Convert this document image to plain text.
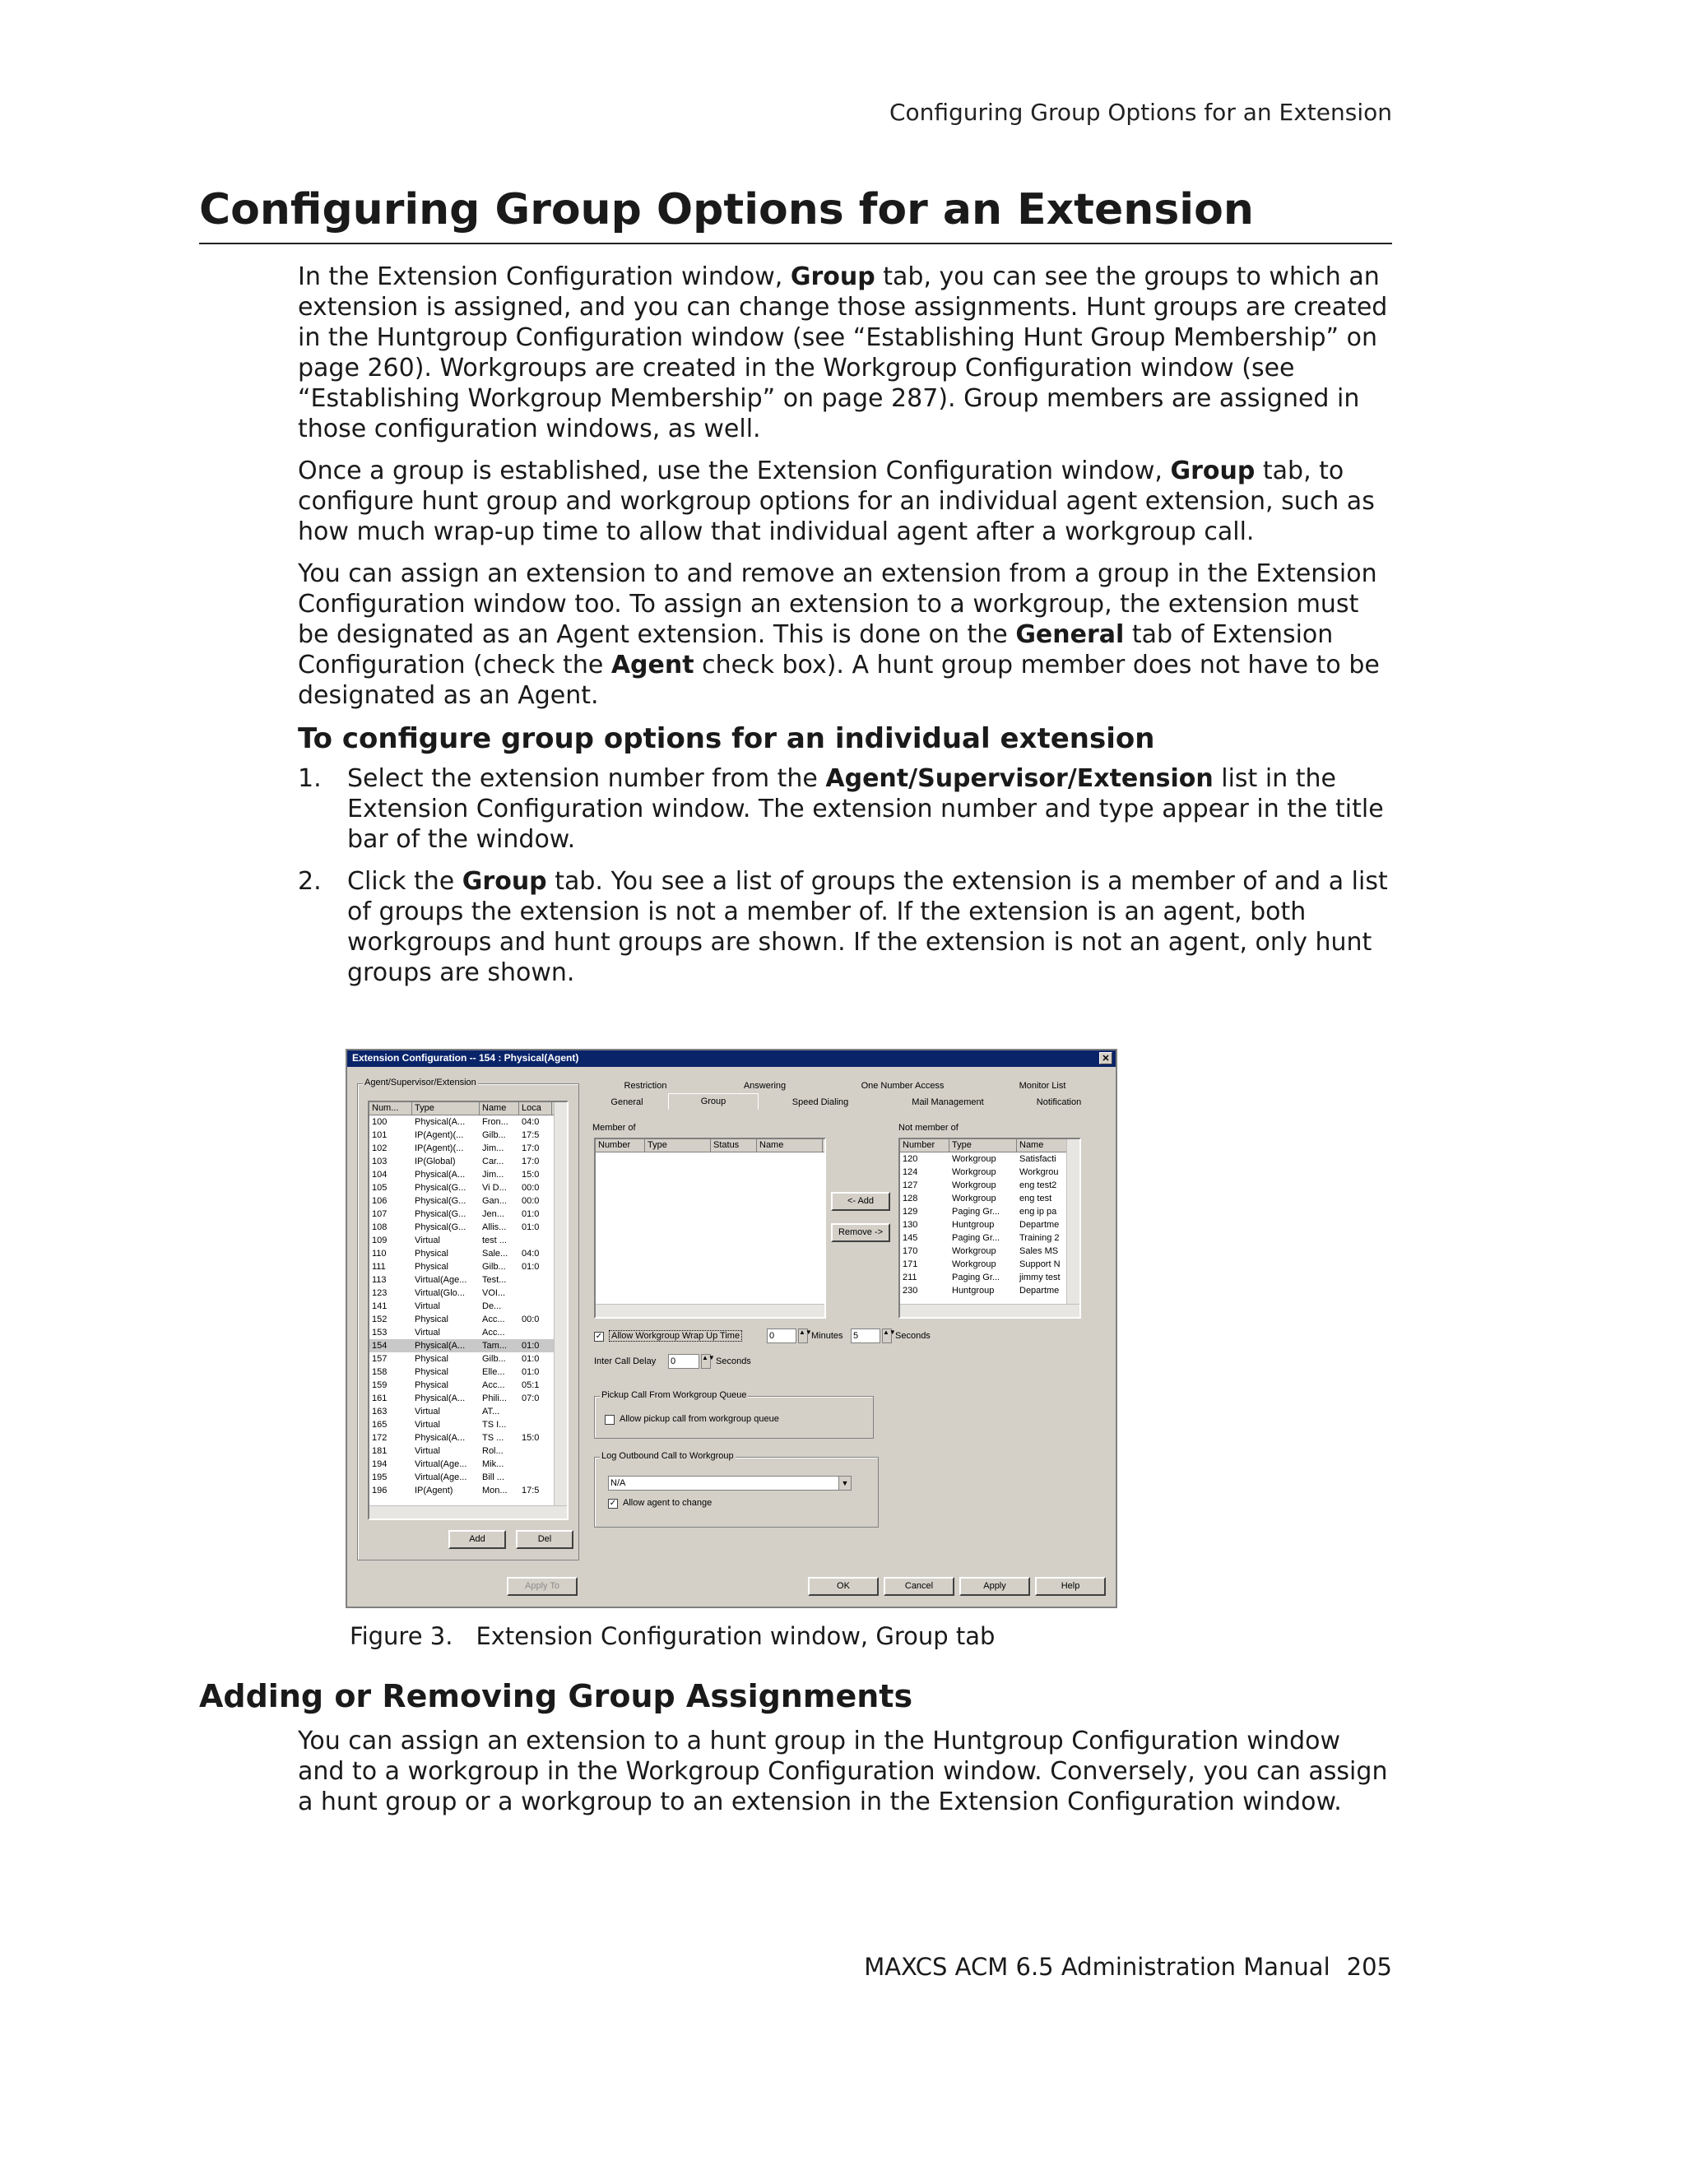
Configuring Group Options for an Extension
Configuring Group Options for an Extension

In the Extension Configuration window, Group tab, you can see the groups to which an extension is assigned, and you can change those assignments. Hunt groups are created in the Huntgroup Configuration window (see “Establishing Hunt Group Membership” on page 260). Workgroups are created in the Workgroup Configuration window (see “Establishing Workgroup Membership” on page 287). Group members are assigned in those configuration windows, as well.

Once a group is established, use the Extension Configuration window, Group tab, to configure hunt group and workgroup options for an individual agent extension, such as how much wrap-up time to allow that individual agent after a workgroup call.

You can assign an extension to and remove an extension from a group in the Extension Configuration window too. To assign an extension to a workgroup, the extension must be designated as an Agent extension. This is done on the General tab of Extension Configuration (check the Agent check box). A hunt group member does not have to be designated as an Agent.

To configure group options for an individual extension
1. Select the extension number from the Agent/Supervisor/Extension list in the Extension Configuration window. The extension number and type appear in the title bar of the window.
2. Click the Group tab. You see a list of groups the extension is a member of and a list of groups the extension is not a member of. If the extension is an agent, both workgroups and hunt groups are shown. If the extension is not an agent, only hunt groups are shown.
Extension Configuration -- 154 : Physical(Agent)	✕
Agent/Supervisor/Extension
Num...	Type	Name	Loca
100	Physical(A...	Fron...	04:0
101	IP(Agent)(...	Gilb...	17:5
102	IP(Agent)(...	Jim...	17:0
103	IP(Global)	Car...	17:0
104	Physical(A...	Jim...	15:0
105	Physical(G...	Vi D...	00:0
106	Physical(G...	Gan...	00:0
107	Physical(G...	Jen...	01:0
108	Physical(G...	Allis...	01:0
109	Virtual	test ...
110	Physical	Sale...	04:0
111	Physical	Gilb...	01:0
113	Virtual(Age...	Test...
123	Virtual(Glo...	VOI...
141	Virtual	De...
152	Physical	Acc...	00:0
153	Virtual	Acc...
154	Physical(A...	Tam...	01:0
157	Physical	Gilb...	01:0
158	Physical	Elle...	01:0
159	Physical	Acc...	05:1
161	Physical(A...	Phili...	07:0
163	Virtual	AT...
165	Virtual	TS I...
172	Physical(A...	TS ...	15:0
181	Virtual	Rol...
194	Virtual(Age...	Mik...
195	Virtual(Age...	Bill ...
196	IP(Agent)	Mon...	17:5
Add	Del
Restriction	Answering	One Number Access	Monitor List
General	Group	Speed Dialing	Mail Management	Notification
Member of
Number	Type	Status	Name
<- Add
Remove ->
Not member of
Number	Type	Name
120	Workgroup	Satisfacti
124	Workgroup	Workgrou
127	Workgroup	eng test2
128	Workgroup	eng test
129	Paging Gr...	eng ip pa
130	Huntgroup	Departme
145	Paging Gr...	Training 2
170	Workgroup	Sales MS
171	Workgroup	Support N
211	Paging Gr...	jimmy test
230	Huntgroup	Departme
✓ Allow Workgroup Wrap Up Time	0	▲▼ Minutes 5	▲▼ Seconds
Inter Call Delay 0	▲▼ Seconds
Pickup Call From Workgroup Queue
Allow pickup call from workgroup queue
Log Outbound Call to Workgroup
N/A	▼
✓ Allow agent to change
Apply To	OK	Cancel	Apply	Help
Figure 3. Extension Configuration window, Group tab
Adding or Removing Group Assignments

You can assign an extension to a hunt group in the Huntgroup Configuration window and to a workgroup in the Workgroup Configuration window. Conversely, you can assign a hunt group or a workgroup to an extension in the Extension Configuration window.

MAXCS ACM 6.5 Administration Manual 205
